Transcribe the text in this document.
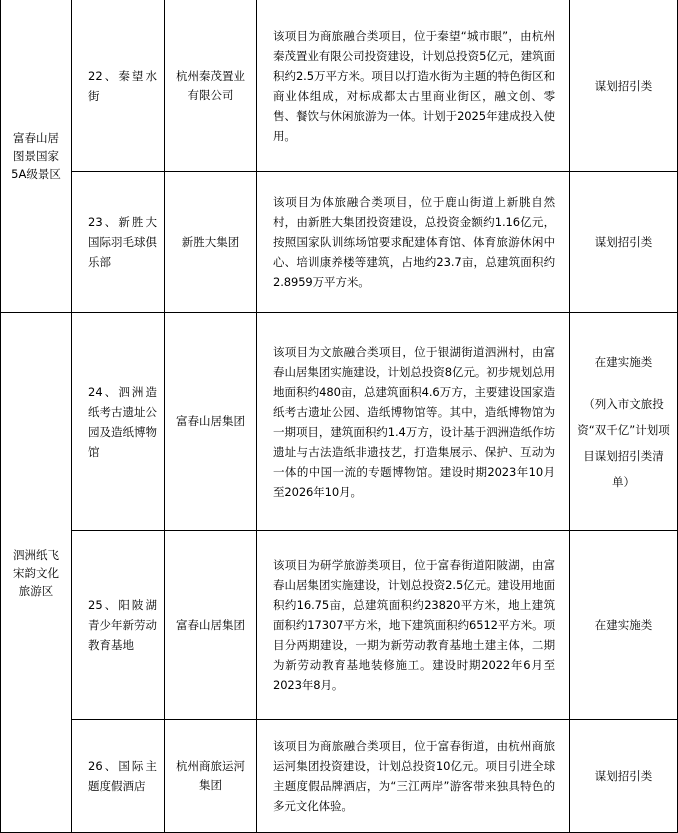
富春山居图景国家5A级景区	22、秦望水街	杭州秦茂置业有限公司	该项目为商旅融合类项目，位于秦望“城市眼”，由杭州秦茂置业有限公司投资建设，计划总投资5亿元，建筑面积约2.5万平方米。项目以打造水街为主题的特色街区和商业体组成，对标成都太古里商业街区，融文创、零售、餐饮与休闲旅游为一体。计划于2025年建成投入使用。	谋划招引类
	23、新胜大国际羽毛球俱乐部	新胜大集团	该项目为体旅融合类项目，位于鹿山街道上新朓自然村，由新胜大集团投资建设，总投资金额约1.16亿元，按照国家队训练场馆要求配建体育馆、体育旅游休闲中心、培训康养楼等建筑，占地约23.7亩，总建筑面积约2.8959万平方米。	谋划招引类
泗洲纸飞宋韵文化旅游区	24、泗洲造纸考古遗址公园及造纸博物馆	富春山居集团	该项目为文旅融合类项目，位于银湖街道泗洲村，由富春山居集团实施建设，计划总投资8亿元。初步规划总用地面积约480亩，总建筑面积4.6万方，主要建设国家造纸考古遗址公园、造纸博物馆等。其中，造纸博物馆为一期项目，建筑面积约1.4万方，设计基于泗洲造纸作坊遗址与古法造纸非遗技艺，打造集展示、保护、互动为一体的中国一流的专题博物馆。建设时期2023年10月至2026年10月。	在建实施类
（列入市文旅投资“双千亿”计划项目谋划招引类清单）

	25、阳陂湖青少年新劳动教育基地	富春山居集团	该项目为研学旅游类项目，位于富春街道阳陂湖，由富春山居集团实施建设，计划总投资2.5亿元。建设用地面积约16.75亩，总建筑面积约23820平方米，地上建筑面积约17307平方米，地下建筑面积约6512平方米。项目分两期建设，一期为新劳动教育基地土建主体，二期为新劳动教育基地装修施工。建设时期2022年6月至2023年8月。	在建实施类
	26、国际主题度假酒店	杭州商旅运河集团	该项目为商旅融合类项目，位于富春街道，由杭州商旅运河集团投资建设，计划总投资10亿元。项目引进全球主题度假品牌酒店，为“三江两岸”游客带来独具特色的多元文化体验。	谋划招引类
